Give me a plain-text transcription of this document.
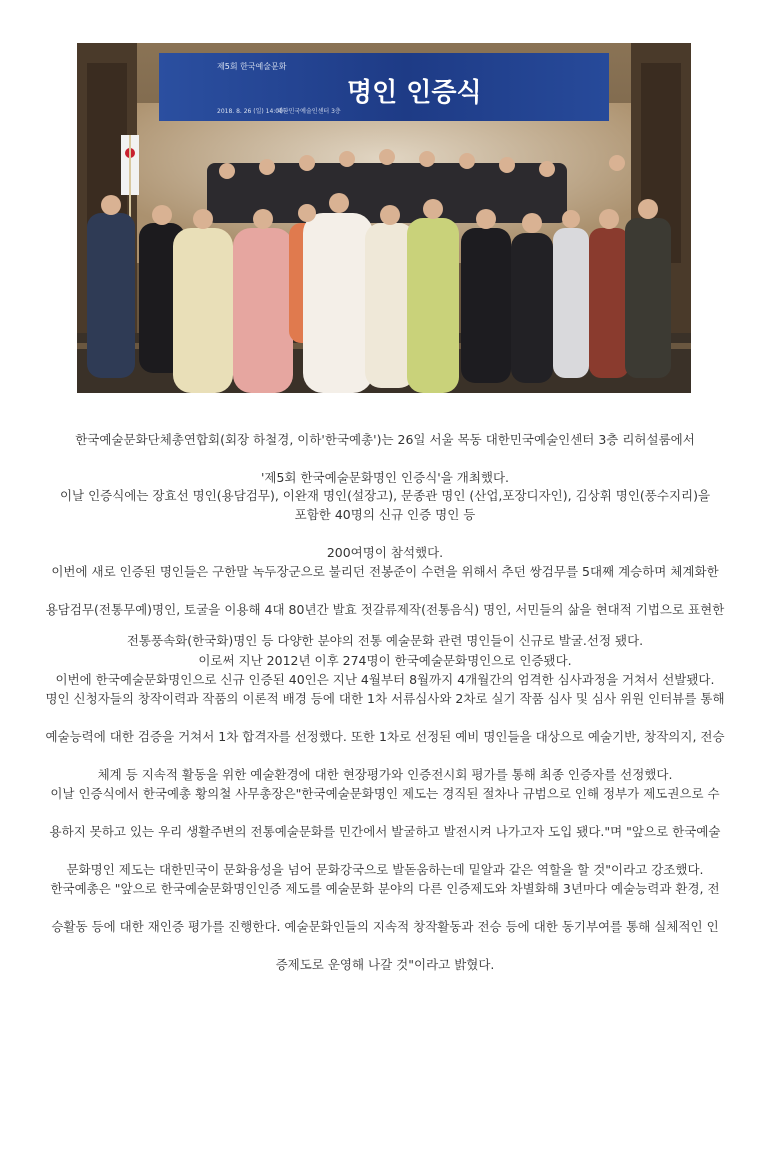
제5회 한국예술문화
명인 인증식
2018. 8. 26 (일) 14:00~
대한민국예술인센터 3층
한국예술문화단체총연합회(회장 하철경, 이하'한국예총')는 26일 서울 목동 대한민국예술인센터 3층 리허설룸에서
'제5회 한국예술문화명인 인증식'을 개최했다.
이날 인증식에는 장효선 명인(용담검무), 이완재 명인(설장고), 문종관 명인 (산업,포장디자인), 김상휘 명인(풍수지리)을
포함한 40명의 신규 인증 명인 등
200여명이 참석했다.
이번에 새로 인증된 명인들은 구한말 녹두장군으로 불리던 전봉준이 수련을 위해서 추던 쌍검무를 5대째 계승하며 체계화한
용담검무(전통무예)명인, 토굴을 이용해 4대 80년간 발효 젓갈류제작(전통음식) 명인, 서민들의 삶을 현대적 기법으로 표현한
전통풍속화(한국화)명인 등 다양한 분야의 전통 예술문화 관련 명인들이 신규로 발굴.선정 됐다.
이로써 지난 2012년 이후 274명이 한국예술문화명인으로 인증됐다.
이번에 한국예술문화명인으로 신규 인증된 40인은 지난 4월부터 8월까지 4개월간의 엄격한 심사과정을 거쳐서 선발됐다.
명인 신청자들의 창작이력과 작품의 이론적 배경 등에 대한 1차 서류심사와 2차로 실기 작품 심사 및 심사 위원 인터뷰를 통해
예술능력에 대한 검증을 거쳐서 1차 합격자를 선정했다. 또한 1차로 선정된 예비 명인들을 대상으로 예술기반, 창작의지, 전승
체계 등 지속적 활동을 위한 예술환경에 대한 현장평가와 인증전시회 평가를 통해 최종 인증자를 선정했다.
이날 인증식에서 한국예총 황의철 사무총장은"한국예술문화명인 제도는 경직된 절차나 규범으로 인해 정부가 제도권으로 수
용하지 못하고 있는 우리 생활주변의 전통예술문화를 민간에서 발굴하고 발전시켜 나가고자 도입 됐다."며 "앞으로 한국예술
문화명인 제도는 대한민국이 문화융성을 넘어 문화강국으로 발돋움하는데 밑알과 같은 역할을 할 것"이라고 강조했다.
한국예총은 "앞으로 한국예술문화명인인증 제도를 예술문화 분야의 다른 인증제도와 차별화해 3년마다 예술능력과 환경, 전
승활동 등에 대한 재인증 평가를 진행한다. 예술문화인들의 지속적 창작활동과 전승 등에 대한 동기부여를 통해 실체적인 인
증제도로 운영해 나갈 것"이라고 밝혔다.
